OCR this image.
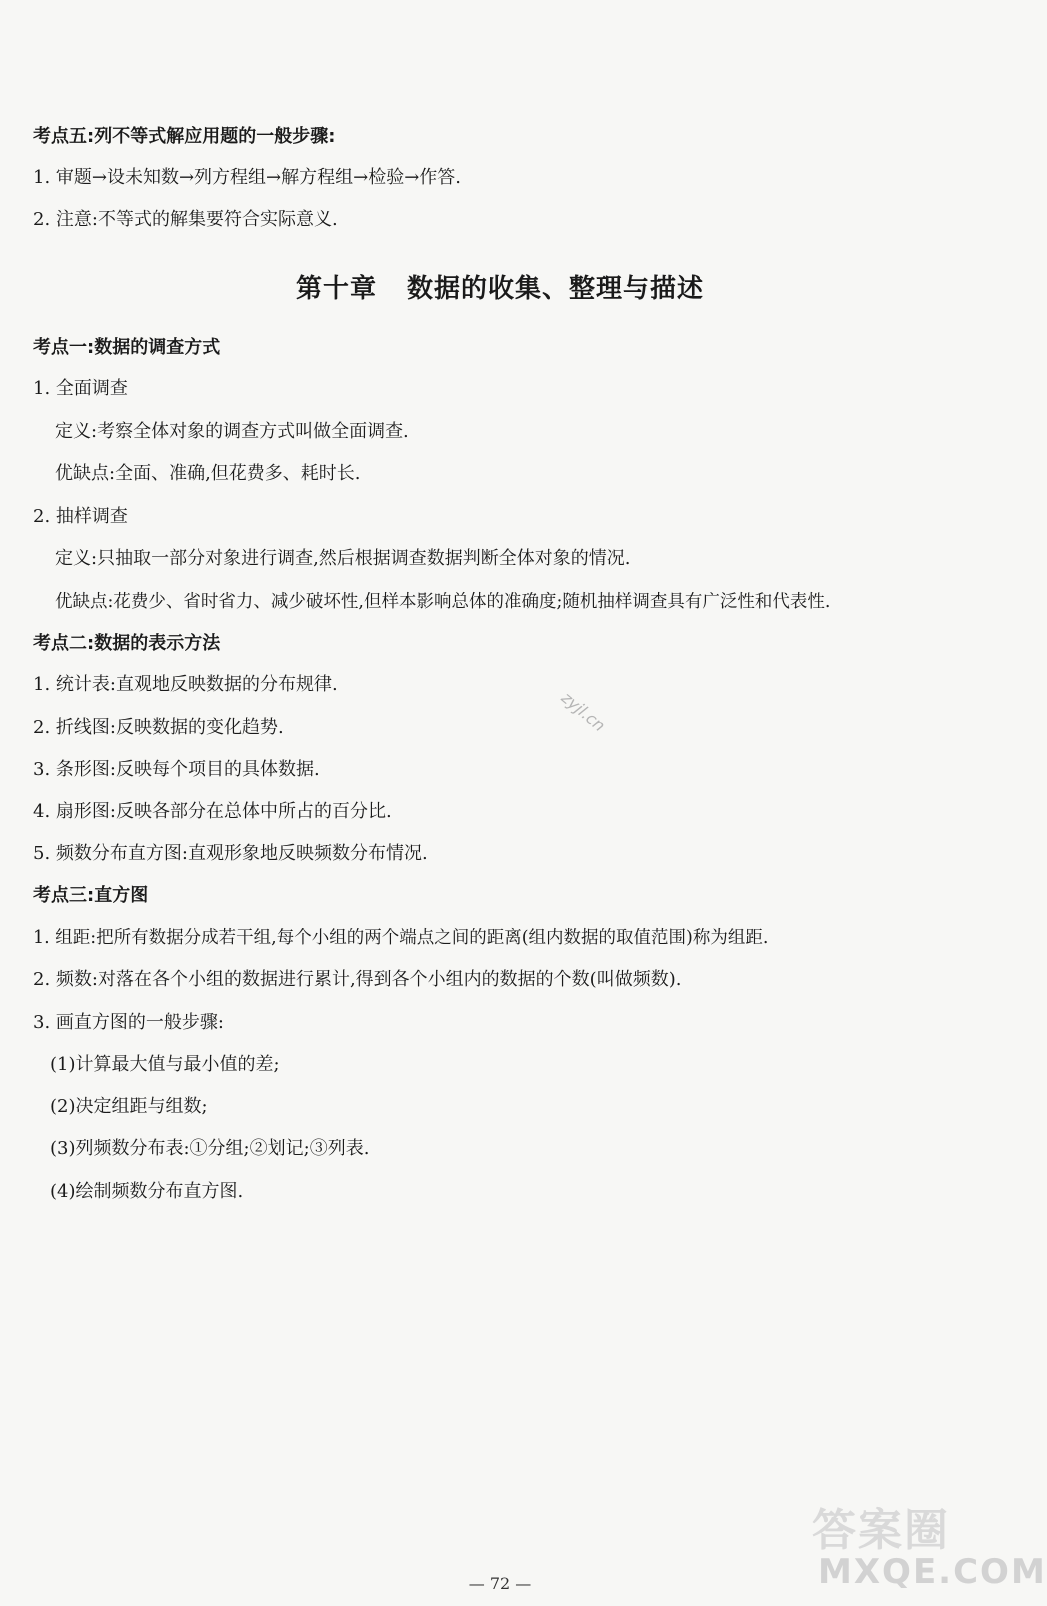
考点五:列不等式解应用题的一般步骤:
1. 审题→设未知数→列方程组→解方程组→检验→作答.
2. 注意:不等式的解集要符合实际意义.
第十章 数据的收集、整理与描述
考点一:数据的调查方式
1. 全面调查
定义:考察全体对象的调查方式叫做全面调查.
优缺点:全面、准确,但花费多、耗时长.
2. 抽样调查
定义:只抽取一部分对象进行调查,然后根据调查数据判断全体对象的情况.
优缺点:花费少、省时省力、减少破坏性,但样本影响总体的准确度;随机抽样调查具有广泛性和代表性.
考点二:数据的表示方法
1. 统计表:直观地反映数据的分布规律.
2. 折线图:反映数据的变化趋势.
3. 条形图:反映每个项目的具体数据.
4. 扇形图:反映各部分在总体中所占的百分比.
5. 频数分布直方图:直观形象地反映频数分布情况.
考点三:直方图
1. 组距:把所有数据分成若干组,每个小组的两个端点之间的距离(组内数据的取值范围)称为组距.
2. 频数:对落在各个小组的数据进行累计,得到各个小组内的数据的个数(叫做频数).
3. 画直方图的一般步骤:
(1)计算最大值与最小值的差;
(2)决定组距与组数;
(3)列频数分布表:①分组;②划记;③列表.
(4)绘制频数分布直方图.
zyjl.cn
答案圈
MXQE.COM
— 72 —
